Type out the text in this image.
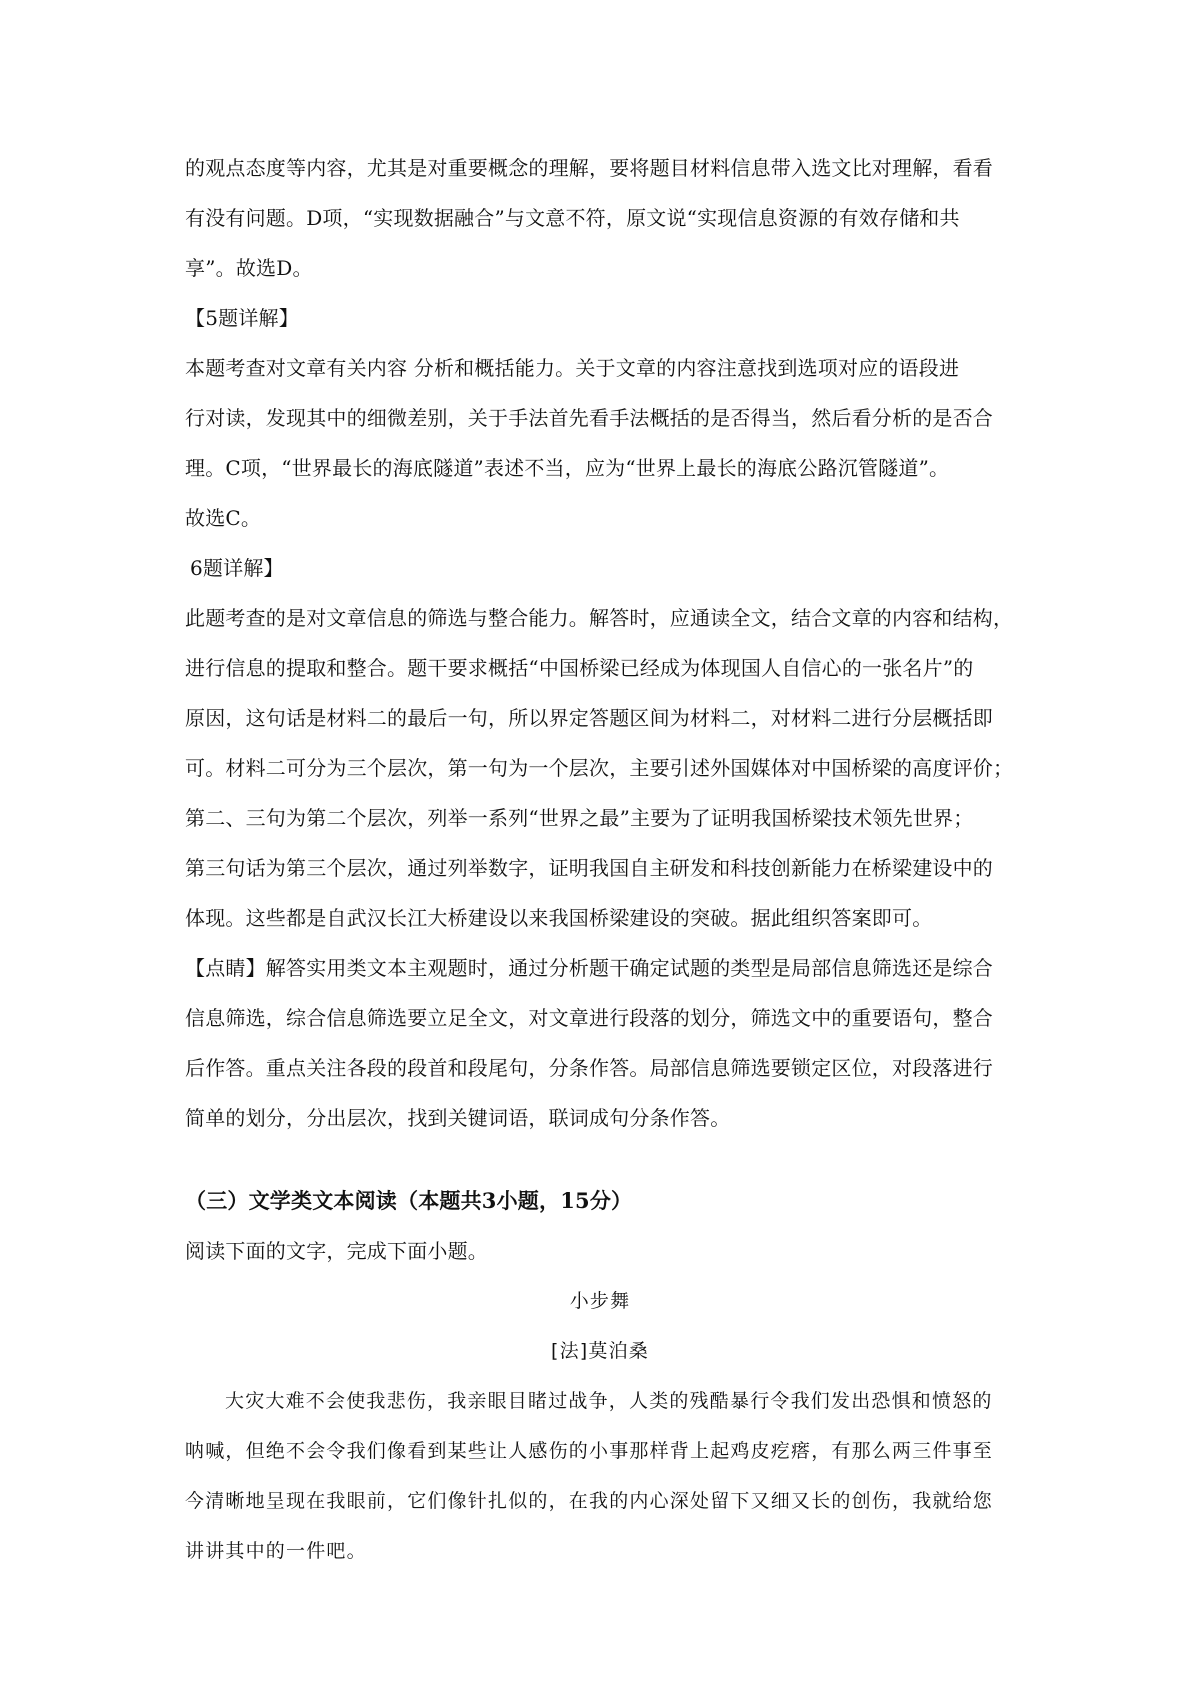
的观点态度等内容，尤其是对重要概念的理解，要将题目材料信息带入选文比对理解，看看
有没有问题。D项，“实现数据融合”与文意不符，原文说“实现信息资源的有效存储和共
享”。故选D。
【5题详解】
本题考查对文章有关内容 分析和概括能力。关于文章的内容注意找到选项对应的语段进
行对读，发现其中的细微差别，关于手法首先看手法概括的是否得当，然后看分析的是否合
理。C项，“世界最长的海底隧道”表述不当，应为“世界上最长的海底公路沉管隧道”。
故选C。
6题详解】
此题考查的是对文章信息的筛选与整合能力。解答时，应通读全文，结合文章的内容和结构，
进行信息的提取和整合。题干要求概括“中国桥梁已经成为体现国人自信心的一张名片”的
原因，这句话是材料二的最后一句，所以界定答题区间为材料二，对材料二进行分层概括即
可。材料二可分为三个层次，第一句为一个层次，主要引述外国媒体对中国桥梁的高度评价；
第二、三句为第二个层次，列举一系列“世界之最”主要为了证明我国桥梁技术领先世界；
第三句话为第三个层次，通过列举数字，证明我国自主研发和科技创新能力在桥梁建设中的
体现。这些都是自武汉长江大桥建设以来我国桥梁建设的突破。据此组织答案即可。
【点睛】解答实用类文本主观题时，通过分析题干确定试题的类型是局部信息筛选还是综合
信息筛选，综合信息筛选要立足全文，对文章进行段落的划分，筛选文中的重要语句，整合
后作答。重点关注各段的段首和段尾句，分条作答。局部信息筛选要锁定区位，对段落进行
简单的划分，分出层次，找到关键词语，联词成句分条作答。
（三）文学类文本阅读（本题共3小题，15分）
阅读下面的文字，完成下面小题。
小步舞
[法]莫泊桑
大灾大难不会使我悲伤，我亲眼目睹过战争，人类的残酷暴行令我们发出恐惧和愤怒的
呐喊，但绝不会令我们像看到某些让人感伤的小事那样背上起鸡皮疙瘩，有那么两三件事至
今清晰地呈现在我眼前，它们像针扎似的，在我的内心深处留下又细又长的创伤，我就给您
讲讲其中的一件吧。
